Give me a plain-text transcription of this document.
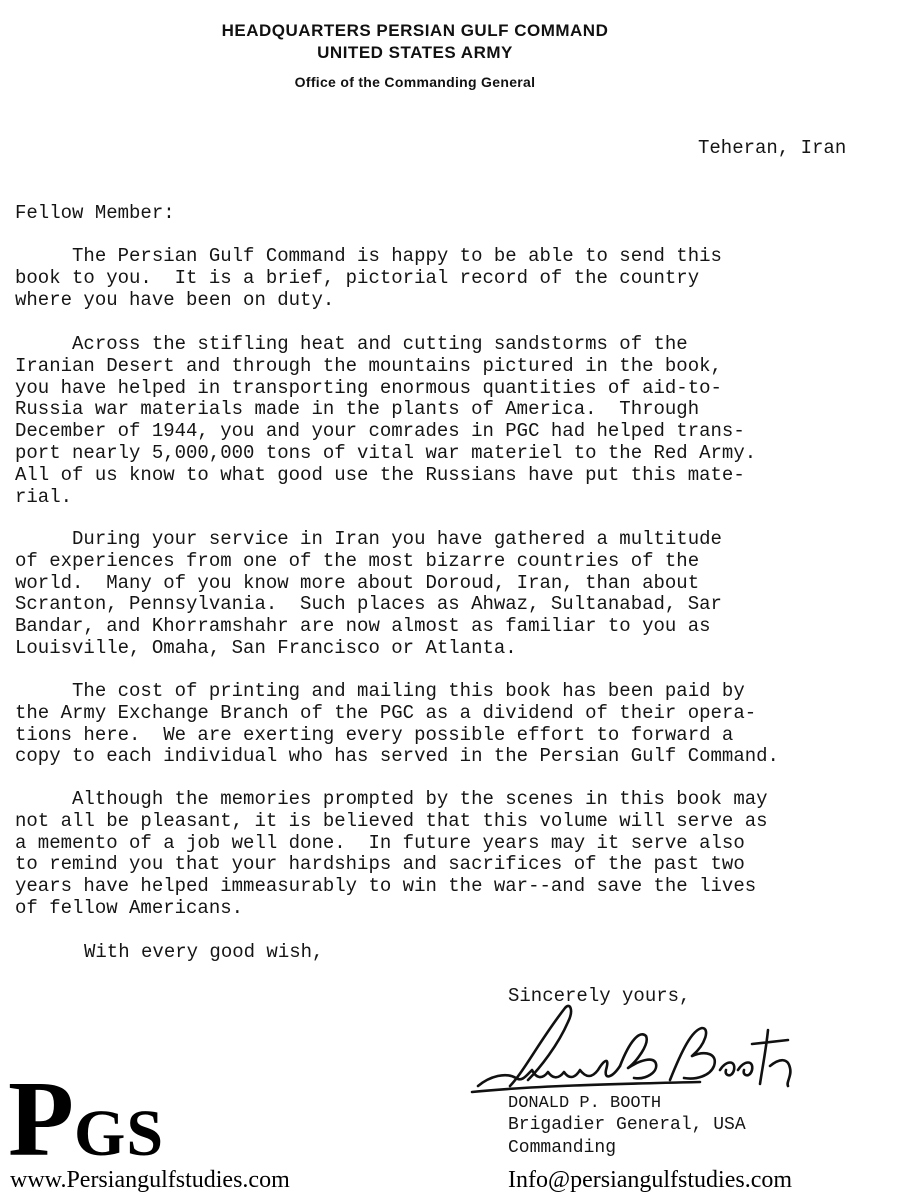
HEADQUARTERS PERSIAN GULF COMMAND
UNITED STATES ARMY
Office of the Commanding General
Teheran, Iran
Fellow Member:
The Persian Gulf Command is happy to be able to send this
book to you.  It is a brief, pictorial record of the country
where you have been on duty.
Across the stifling heat and cutting sandstorms of the
Iranian Desert and through the mountains pictured in the book,
you have helped in transporting enormous quantities of aid-to-
Russia war materials made in the plants of America.  Through
December of 1944, you and your comrades in PGC had helped trans-
port nearly 5,000,000 tons of vital war materiel to the Red Army.
All of us know to what good use the Russians have put this mate-
rial.
During your service in Iran you have gathered a multitude
of experiences from one of the most bizarre countries of the
world.  Many of you know more about Doroud, Iran, than about
Scranton, Pennsylvania.  Such places as Ahwaz, Sultanabad, Sar
Bandar, and Khorramshahr are now almost as familiar to you as
Louisville, Omaha, San Francisco or Atlanta.
The cost of printing and mailing this book has been paid by
the Army Exchange Branch of the PGC as a dividend of their opera-
tions here.  We are exerting every possible effort to forward a
copy to each individual who has served in the Persian Gulf Command.
Although the memories prompted by the scenes in this book may
not all be pleasant, it is believed that this volume will serve as
a memento of a job well done.  In future years may it serve also
to remind you that your hardships and sacrifices of the past two
years have helped immeasurably to win the war--and save the lives
of fellow Americans.
With every good wish,
Sincerely yours,
DONALD P. BOOTH
Brigadier General, USA
Commanding
PGS
www.Persiangulfstudies.com	Info@persiangulfstudies.com
